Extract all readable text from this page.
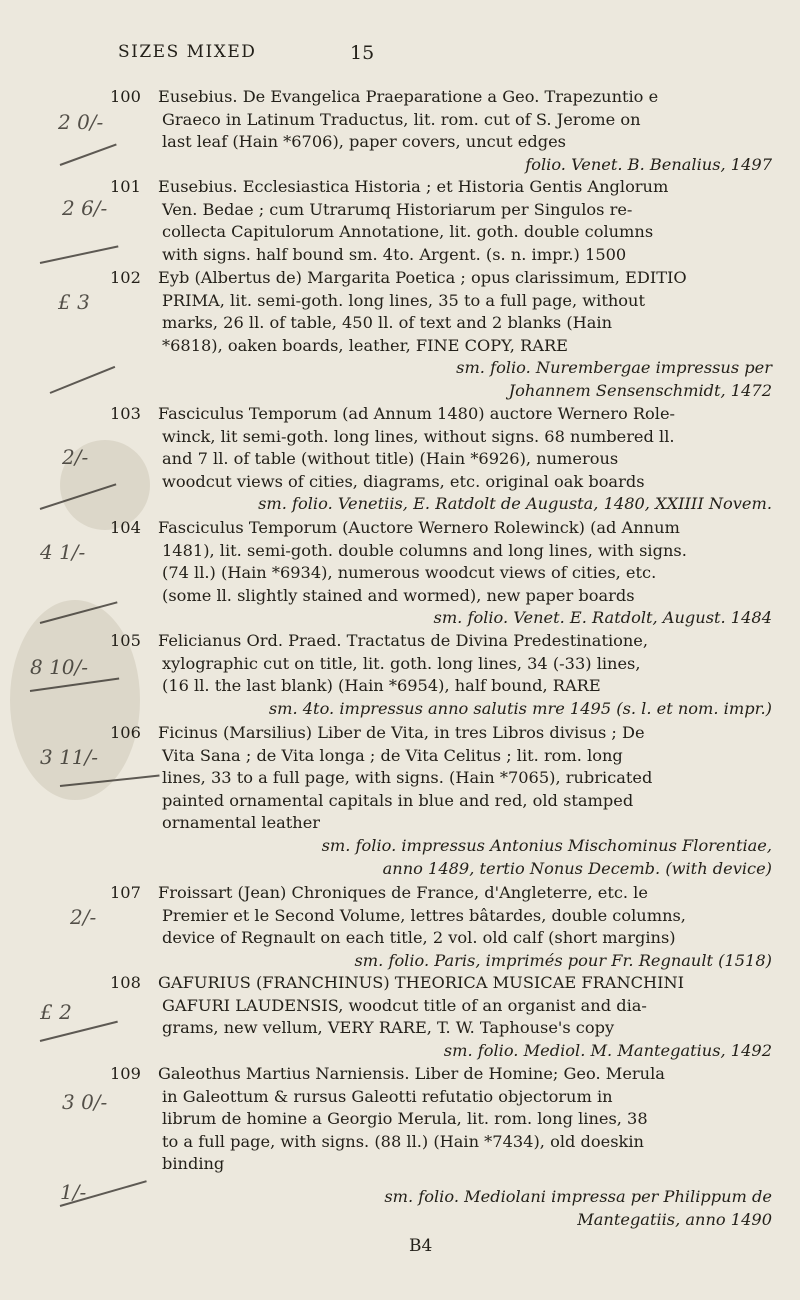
SIZES MIXED	15
100 Eusebius. De Evangelica Praeparatione a Geo. Trapezuntio e
Graeco in Latinum Traductus, lit. rom. cut of S. Jerome on
last leaf (Hain *6706), paper covers, uncut edges
folio. Venet. B. Benalius, 1497
101 Eusebius. Ecclesiastica Historia ; et Historia Gentis Anglorum
Ven. Bedae ; cum Utrarumq Historiarum per Singulos re-
collecta Capitulorum Annotatione, lit. goth. double columns
with signs. half bound sm. 4to. Argent. (s. n. impr.) 1500
102 Eyb (Albertus de) Margarita Poetica ; opus clarissimum, EDITIO
PRIMA, lit. semi-goth. long lines, 35 to a full page, without
marks, 26 ll. of table, 450 ll. of text and 2 blanks (Hain
*6818), oaken boards, leather, FINE COPY, RARE
sm. folio. Nurembergae impressus per
Johannem Sensenschmidt, 1472
103 Fasciculus Temporum (ad Annum 1480) auctore Wernero Role-
winck, lit semi-goth. long lines, without signs. 68 numbered ll.
and 7 ll. of table (without title) (Hain *6926), numerous
woodcut views of cities, diagrams, etc. original oak boards
sm. folio. Venetiis, E. Ratdolt de Augusta, 1480, XXIIII Novem.
104 Fasciculus Temporum (Auctore Wernero Rolewinck) (ad Annum
1481), lit. semi-goth. double columns and long lines, with signs.
(74 ll.) (Hain *6934), numerous woodcut views of cities, etc.
(some ll. slightly stained and wormed), new paper boards
sm. folio. Venet. E. Ratdolt, August. 1484
105 Felicianus Ord. Praed. Tractatus de Divina Predestinatione,
xylographic cut on title, lit. goth. long lines, 34 (-33) lines,
(16 ll. the last blank) (Hain *6954), half bound, RARE
sm. 4to. impressus anno salutis mre 1495 (s. l. et nom. impr.)
106 Ficinus (Marsilius) Liber de Vita, in tres Libros divisus ; De
Vita Sana ; de Vita longa ; de Vita Celitus ; lit. rom. long
lines, 33 to a full page, with signs. (Hain *7065), rubricated
painted ornamental capitals in blue and red, old stamped
ornamental leather
sm. folio. impressus Antonius Mischominus Florentiae,
anno 1489, tertio Nonus Decemb. (with device)
107 Froissart (Jean) Chroniques de France, d'Angleterre, etc. le
Premier et le Second Volume, lettres bâtardes, double columns,
device of Regnault on each title, 2 vol. old calf (short margins)
sm. folio. Paris, imprimés pour Fr. Regnault (1518)
108 GAFURIUS (FRANCHINUS) THEORICA MUSICAE FRANCHINI
GAFURI LAUDENSIS, woodcut title of an organist and dia-
grams, new vellum, VERY RARE, T. W. Taphouse's copy
sm. folio. Mediol. M. Mantegatius, 1492
109 Galeothus Martius Narniensis. Liber de Homine; Geo. Merula
in Galeottum & rursus Galeotti refutatio objectorum in
librum de homine a Georgio Merula, lit. rom. long lines, 38
to a full page, with signs. (88 ll.) (Hain *7434), old doeskin
binding
sm. folio. Mediolani impressa per Philippum de
Mantegatiis, anno 1490
B4
2 0/-
2 6/-
£ 3
2/-
4 1/-
8 10/-
3 11/-
2/-
£ 2
3 0/-
1/-
